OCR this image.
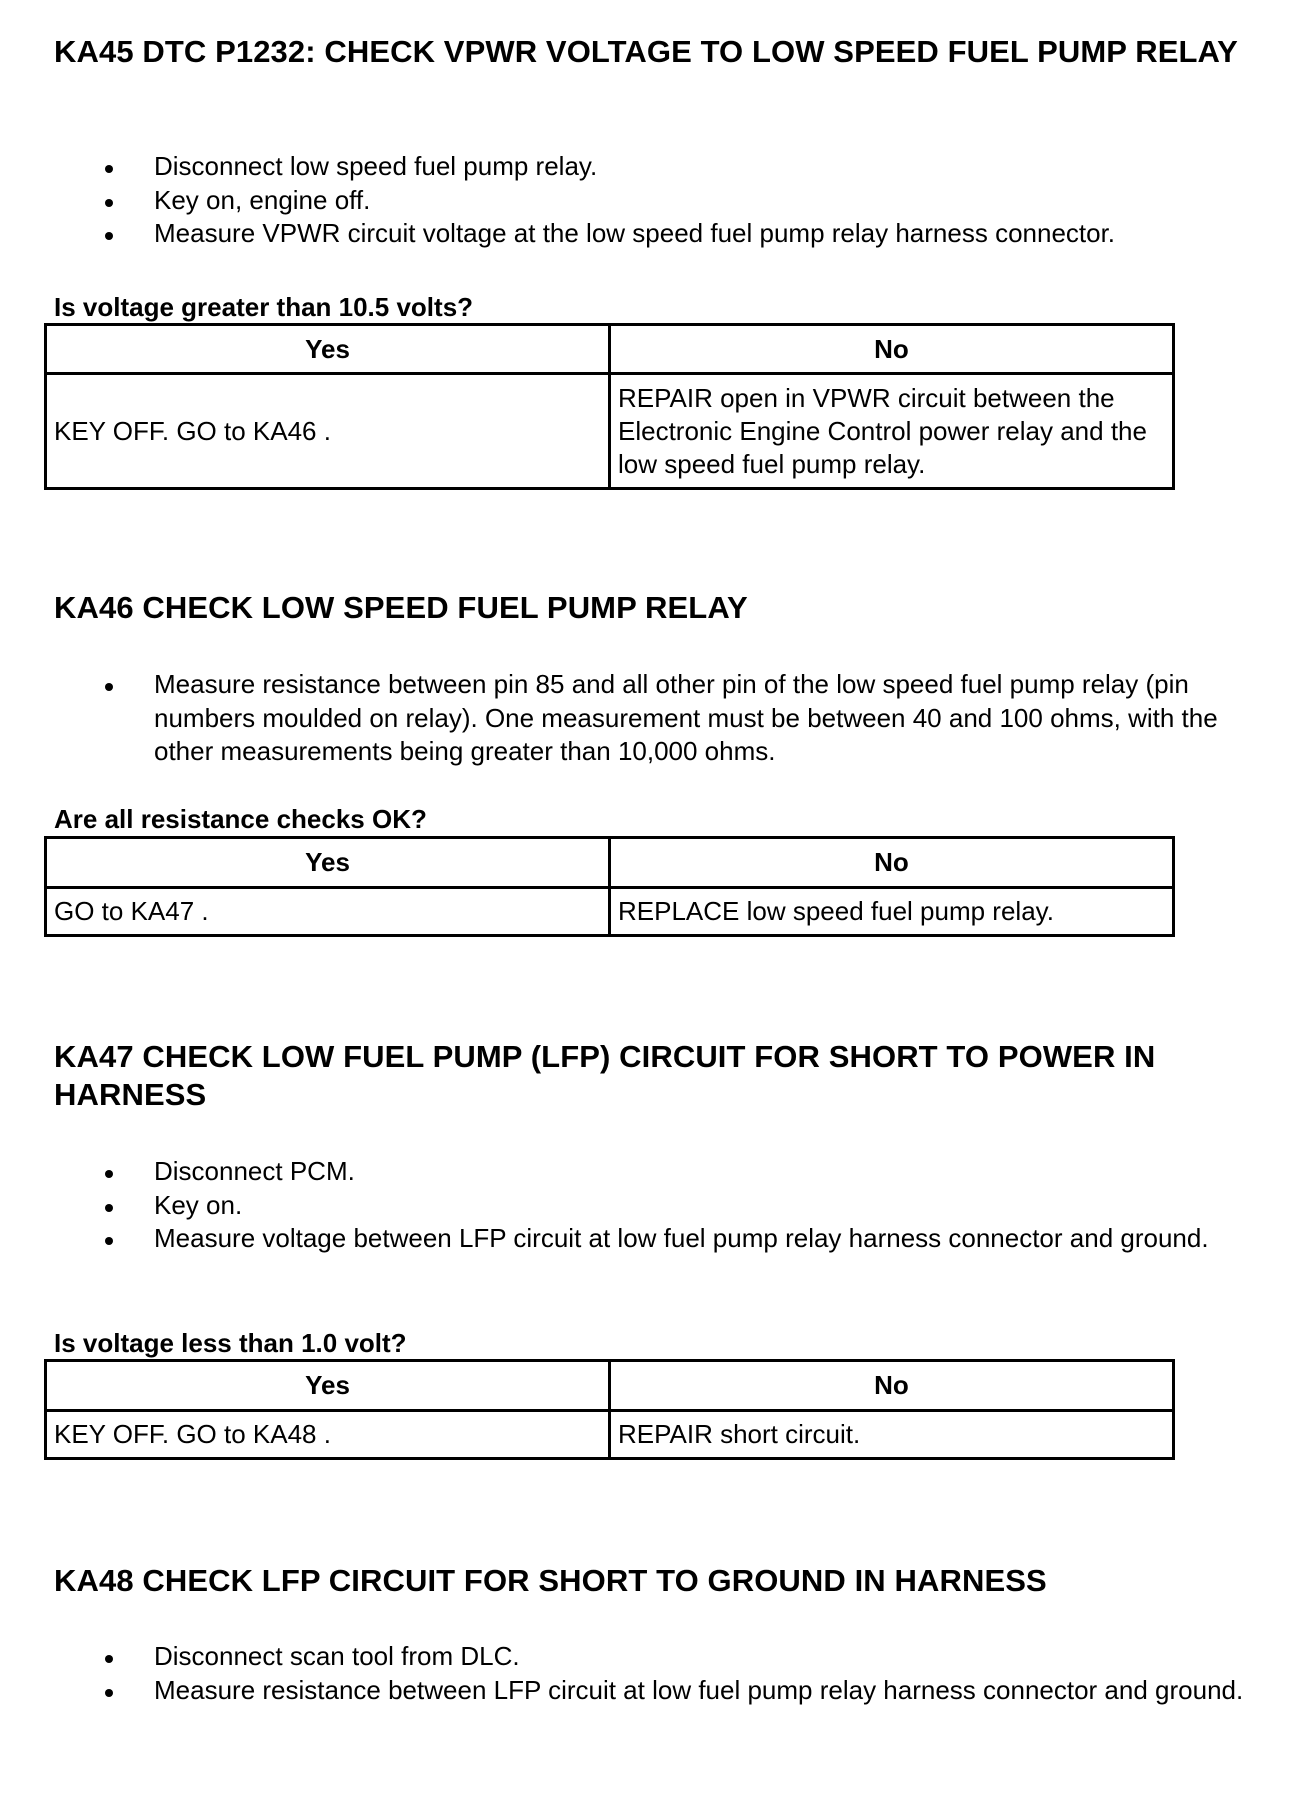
KA45 DTC P1232: CHECK VPWR VOLTAGE TO LOW SPEED FUEL PUMP RELAY
Disconnect low speed fuel pump relay.
Key on, engine off.
Measure VPWR circuit voltage at the low speed fuel pump relay harness connector.

Is voltage greater than 10.5 volts?

Yes	No
KEY OFF. GO to KA46 .	REPAIR open in VPWR circuit between the Electronic Engine Control power relay and the low speed fuel pump relay.
KA46 CHECK LOW SPEED FUEL PUMP RELAY
Measure resistance between pin 85 and all other pin of the low speed fuel pump relay (pin numbers moulded on relay). One measurement must be between 40 and 100 ohms, with the other measurements being greater than 10,000 ohms.

Are all resistance checks OK?

Yes	No
GO to KA47 .	REPLACE low speed fuel pump relay.
KA47 CHECK LOW FUEL PUMP (LFP) CIRCUIT FOR SHORT TO POWER IN HARNESS
Disconnect PCM.
Key on.
Measure voltage between LFP circuit at low fuel pump relay harness connector and ground.

Is voltage less than 1.0 volt?

Yes	No
KEY OFF. GO to KA48 .	REPAIR short circuit.
KA48 CHECK LFP CIRCUIT FOR SHORT TO GROUND IN HARNESS
Disconnect scan tool from DLC.
Measure resistance between LFP circuit at low fuel pump relay harness connector and ground.
